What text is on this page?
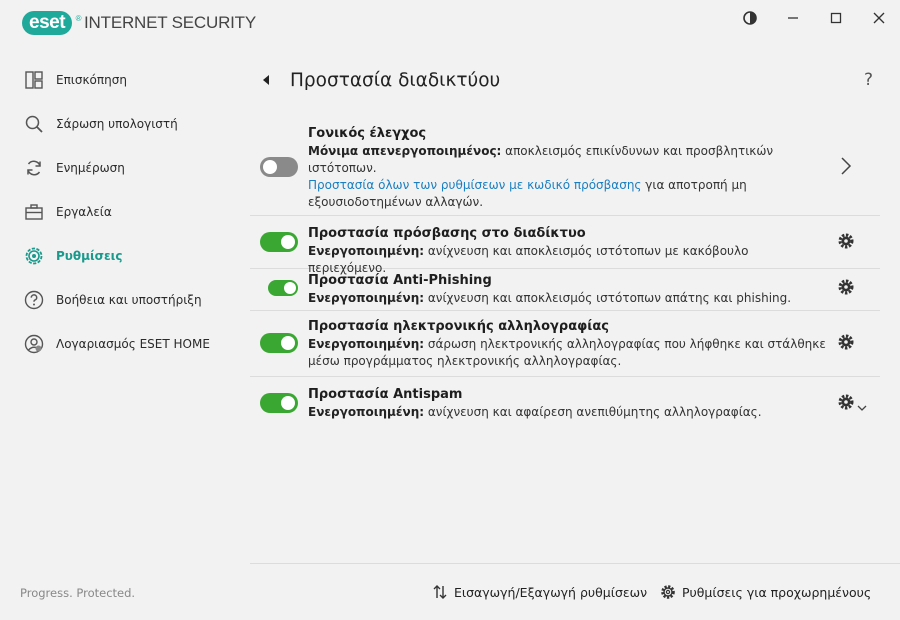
eset ® INTERNET SECURITY
Επισκόπηση
Σάρωση υπολογιστή
Ενημέρωση
Εργαλεία
Ρυθμίσεις
Βοήθεια και υποστήριξη
Λογαριασμός ESET HOME
Progress. Protected.
Προστασία διαδικτύου	?
Γονικός έλεγχος
Μόνιμα απενεργοποιημένος: αποκλεισμός επικίνδυνων και προσβλητικών ιστότοπων.
Προστασία όλων των ρυθμίσεων με κωδικό πρόσβασης για αποτροπή μη εξουσιοδοτημένων αλλαγών.
Προστασία πρόσβασης στο διαδίκτυο
Ενεργοποιημένη: ανίχνευση και αποκλεισμός ιστότοπων με κακόβουλο περιεχόμενο.
Προστασία Anti-Phishing
Ενεργοποιημένη: ανίχνευση και αποκλεισμός ιστότοπων απάτης και phishing.
Προστασία ηλεκτρονικής αλληλογραφίας
Ενεργοποιημένη: σάρωση ηλεκτρονικής αλληλογραφίας που λήφθηκε και στάλθηκε μέσω προγράμματος ηλεκτρονικής αλληλογραφίας.
Προστασία Antispam
Ενεργοποιημένη: ανίχνευση και αφαίρεση ανεπιθύμητης αλληλογραφίας.
Εισαγωγή/Εξαγωγή ρυθμίσεων	Ρυθμίσεις για προχωρημένους
